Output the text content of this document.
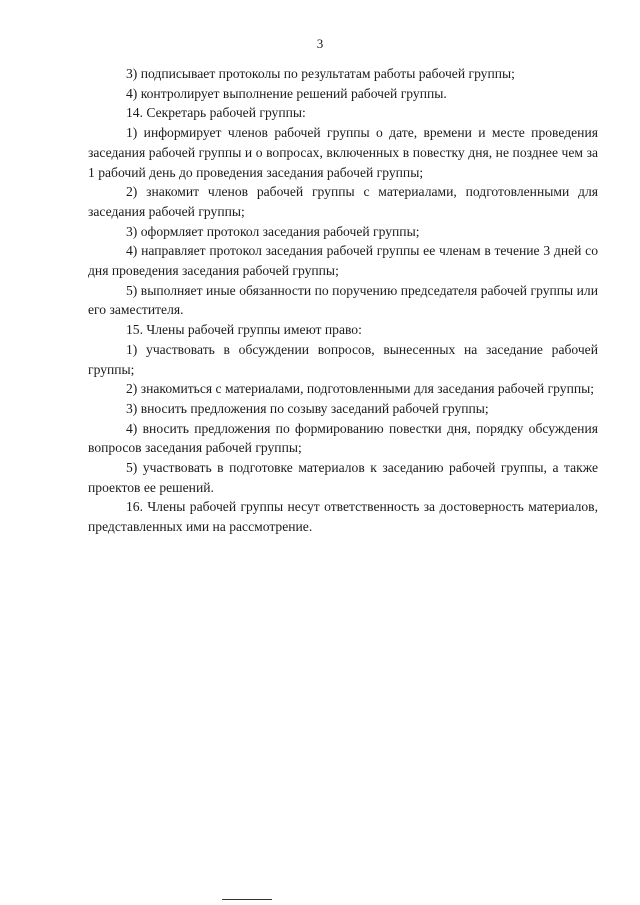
3

3) подписывает протоколы по результатам работы рабочей группы;

4) контролирует выполнение решений рабочей группы.

14. Секретарь рабочей группы:

1) информирует членов рабочей группы о дате, времени и месте проведения заседания рабочей группы и о вопросах, включенных в повестку дня, не позднее чем за 1 рабочий день до проведения заседания рабочей группы;

2) знакомит членов рабочей группы с материалами, подготовленными для заседания рабочей группы;

3) оформляет протокол заседания рабочей группы;

4) направляет протокол заседания рабочей группы ее членам в течение 3 дней со дня проведения заседания рабочей группы;

5) выполняет иные обязанности по поручению председателя рабочей группы или его заместителя.

15. Члены рабочей группы имеют право:

1) участвовать в обсуждении вопросов, вынесенных на заседание рабочей группы;

2) знакомиться с материалами, подготовленными для заседания рабочей группы;

3) вносить предложения по созыву заседаний рабочей группы;

4) вносить предложения по формированию повестки дня, порядку обсуждения вопросов заседания рабочей группы;

5) участвовать в подготовке материалов к заседанию рабочей группы, а также проектов ее решений.

16. Члены рабочей группы несут ответственность за достоверность материалов, представленных ими на рассмотрение.
